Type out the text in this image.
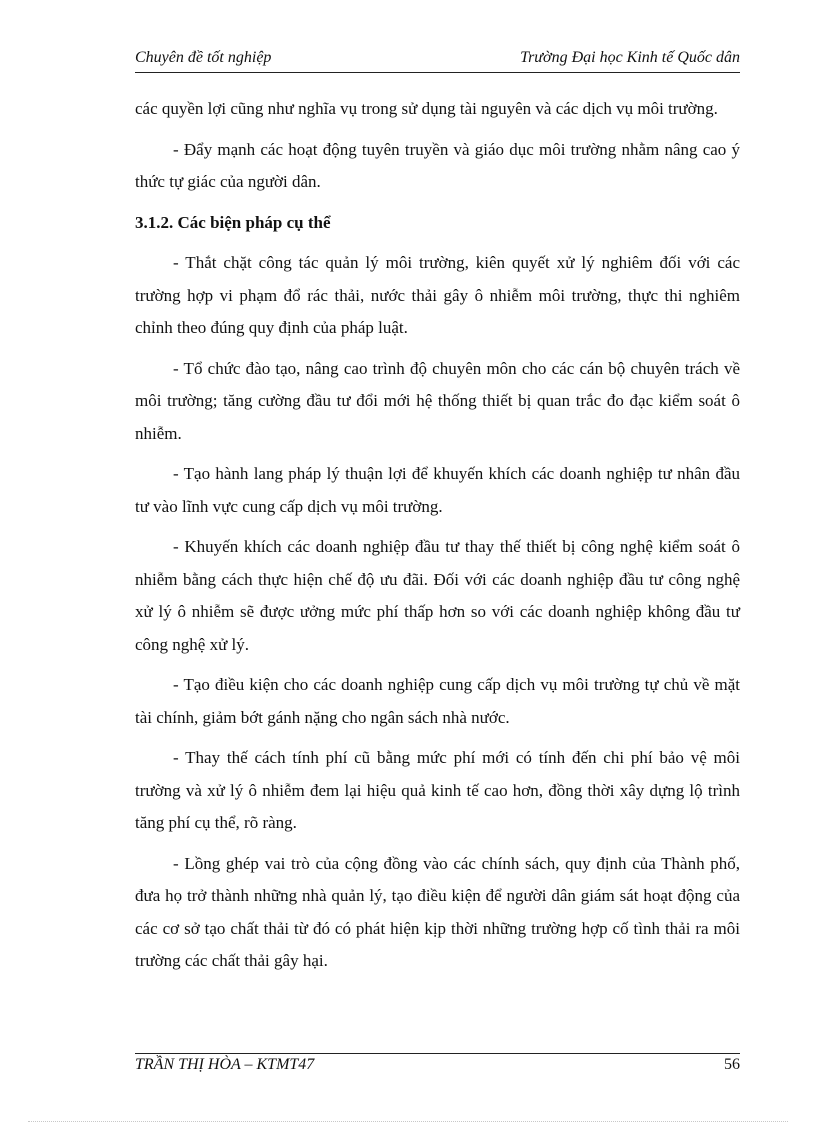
Chuyên đề tốt nghiệp	Trường Đại học Kinh tế Quốc dân

các quyền lợi cũng như nghĩa vụ trong sử dụng tài nguyên và các dịch vụ môi trường.

- Đẩy mạnh các hoạt động tuyên truyền và giáo dục môi trường nhằm nâng cao ý thức tự giác của người dân.

3.1.2. Các biện pháp cụ thể

- Thắt chặt công tác quản lý môi trường, kiên quyết xử lý nghiêm đối với các trường hợp vi phạm đổ rác thải, nước thải gây ô nhiễm môi trường, thực thi nghiêm chỉnh theo đúng quy định của pháp luật.

- Tổ chức đào tạo, nâng cao trình độ chuyên môn cho các cán bộ chuyên trách về môi trường; tăng cường đầu tư đổi mới hệ thống thiết bị quan trắc đo đạc kiểm soát ô nhiễm.

- Tạo hành lang pháp lý thuận lợi để khuyến khích các doanh nghiệp tư nhân đầu tư vào lĩnh vực cung cấp dịch vụ môi trường.

- Khuyến khích các doanh nghiệp đầu tư thay thế thiết bị công nghệ kiểm soát ô nhiễm bằng cách thực hiện chế độ ưu đãi. Đối với các doanh nghiệp đầu tư công nghệ xử lý ô nhiễm sẽ được ưởng mức phí thấp hơn so với các doanh nghiệp không đầu tư công nghệ xử lý.

- Tạo điều kiện cho các doanh nghiệp cung cấp dịch vụ môi trường tự chủ về mặt tài chính, giảm bớt gánh nặng cho ngân sách nhà nước.

- Thay thế cách tính phí cũ bằng mức phí mới có tính đến chi phí bảo vệ môi trường và xử lý ô nhiễm đem lại hiệu quả kinh tế cao hơn, đồng thời xây dựng lộ trình tăng phí cụ thể, rõ ràng.

- Lồng ghép vai trò của cộng đồng vào các chính sách, quy định của Thành phố, đưa họ trở thành những nhà quản lý, tạo điều kiện để người dân giám sát hoạt động của các cơ sở tạo chất thải từ đó có phát hiện kịp thời những trường hợp cố tình thải ra môi trường các chất thải gây hại.

TRẦN THỊ HÒA – KTMT47	56
